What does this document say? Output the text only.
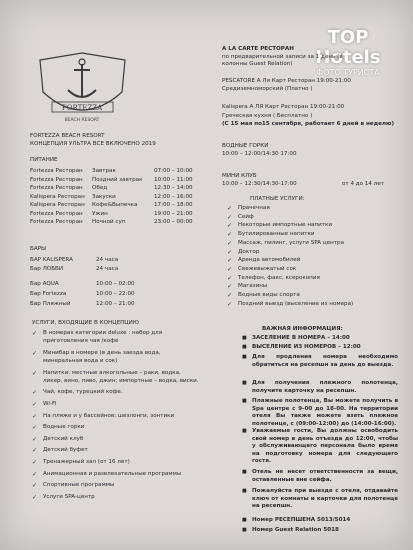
TOP Hotels
ФОТО ТУРИСТА
FORTEZZA
BEACH RESORT
FORTEZZA BEACH RESORT
КОНЦЕПЦИЯ УЛЬТРА ВСЕ ВКЛЮЧЕНО 2019
ПИТАНИЕ
Fortezza Ресторан Завтрак	07:00 – 10:00
Fortezza Ресторан Поздний завтрак 10:00 – 11:00
Fortezza Ресторан Обед	12:30 – 14:00
Kalispera Ресторан Закуски	12:00 – 16:00
Kalispera Ресторан Кофе&Выпечка	17:00 – 18:00
Fortezza Ресторан Ужин	19:00 – 21:00
Fortezza Ресторан Ночной суп	23:00 – 00:00
БАРЫ
БАР KALISPERA	24 часа
Бар ЛОББИ	24 часа
Бар AQUA	10:00 – 02:00
Бар Fortezza	10:00 – 22:00
Бар Пляжный	12:00 – 21:00
УСЛУГИ, ВХОДЯЩИЕ В КОНЦЕПЦИЮ
✓ В номерах категории deluxe : набор для
приготовления чая /кофе
✓ Минибар в номере (в день заезда вода,
минеральная вода и сок)
✓ Напитки: местные алкогольные – раки, водка,
ликер, вино, пиво, джин; импортные – водка, виски.
✓ Чай, кофе, турецкий кофе.
✓ Wi-Fi
✓ На пляже и у бассейнов: шезлонги, зонтики
✓ Водные горки
✓ Детский клуб
✓ Детский буфет
✓ Тренажерный зал (от 16 лет)
✓ Анимационная и развлекательные программы
✓ Спортивные программы
✓ Услуги SPA-центр
A LA CARTE РЕСТОРАН
по предварительной записи за 1 день (в
колонны Guest Relation)
PESCATORE А Ля Карт Ресторан 19:00-21:00
Средиземноморский (Платно )
Kalispera А ЛЯ Карт Ресторан 19:00-21:00
Греческая кухня ( Бесплатно )
(С 15 мая по15 сентября, работает 6 дней в неделю)
ВОДНЫЕ ГОРКИ
10:00 – 12:00/14:30 17:00
МИНИ КЛУБ
10:00 – 12:30/14:30-17:00	от 4 до 14 лет
ПЛАТНЫЕ УСЛУГИ:
✓ Прачечная
✓ Сейф
✓ Некоторые импортные напитки
✓ Бутилированные напитки
✓ Массаж, пилинг, услуги SPA центра
✓ Доктор
✓ Аренда автомобилей
✓ Свежевыжатый сок
✓ Телефон, факс, ксерокопия
✓ Магазины
✓ Водные виды спорта
✓ Поздний выезд (выселение из номера)
ВАЖНАЯ ИНФОРМАЦИЯ:
■ ЗАСЕЛЕНИЕ В НОМЕРА – 14:00
■ ВЫСЕЛЕНИЕ ИЗ НОМЕРОВ – 12:00
■ Для продления номера необходимо обратиться на ресепшн за день до выезда.
■ Для получения пляжного полотенца, получите карточку на ресепшн.
■ Пляжные полотенца, Вы можете получить в Spa центре с 9-00 до 18-00. На территории отеля Вы также можете взять пляжное полотенце, с (09:00-12:00) до (14:00-16:00).
■ Уважаемые гости, Вы должны освободить свой номер в день отъезда до 12:00, чтобы у обслуживающего персонала было время на подготовку номера для следующего гостя.
■ Отель не несет ответственности за вещи, оставленные вне сейфа.
■ Пожалуйста при выезде с отеля, отдавайте ключ от комнаты и карточки для полотенце на ресепшн.
■ Номер РЕСЕПШЕНА 5013/5014
■ Номер Guest Relation 5018
